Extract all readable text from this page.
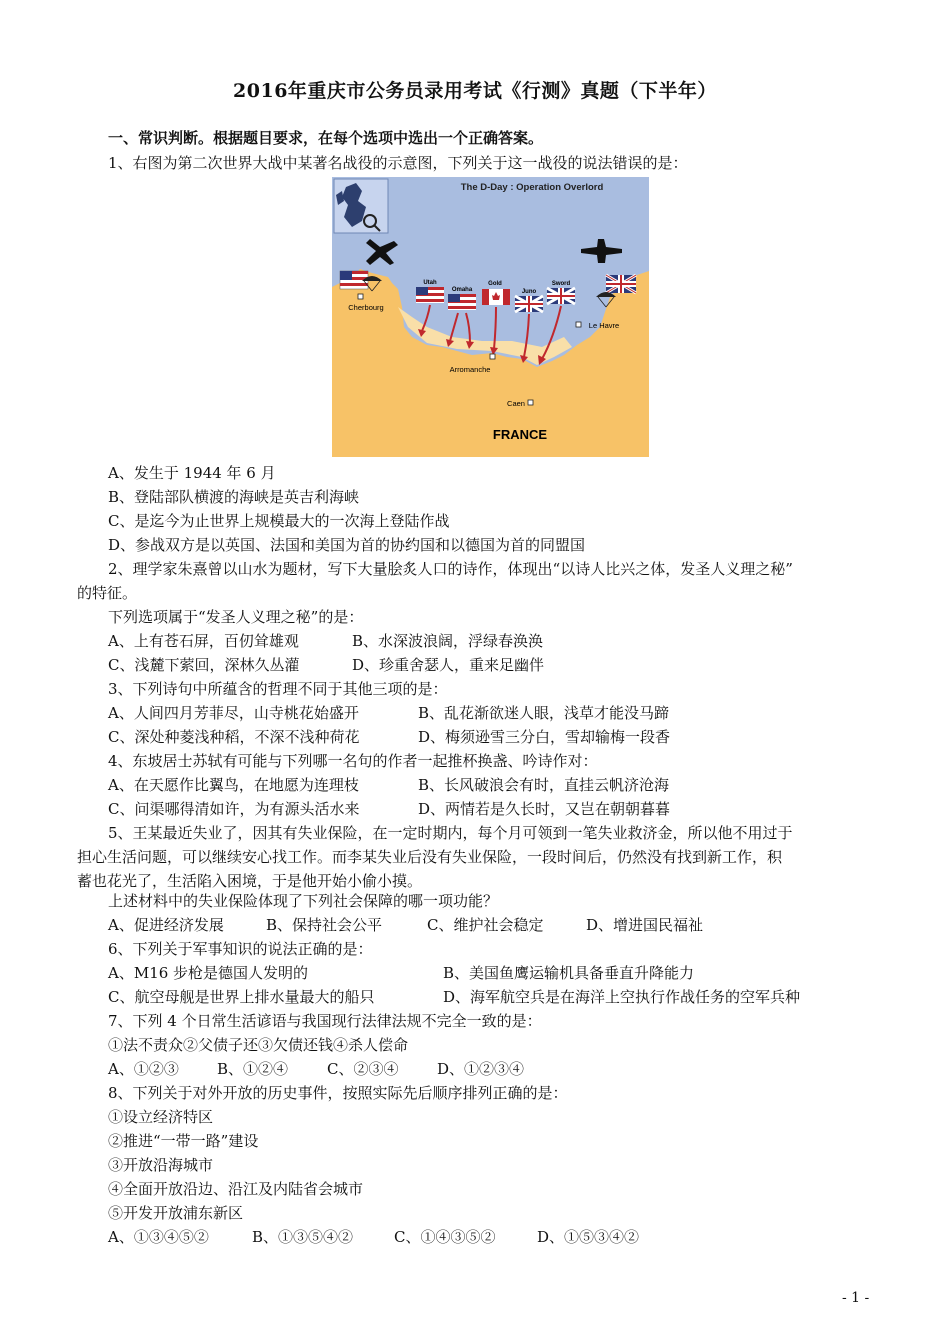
2016年重庆市公务员录用考试《行测》真题（下半年）
一、常识判断。根据题目要求，在每个选项中选出一个正确答案。
1、右图为第二次世界大战中某著名战役的示意图，下列关于这一战役的说法错误的是：
The D-Day : Operation Overlord
Utah
Omaha
Gold
Juno
Sword
Cherbourg
Le Havre
Arromanche
Caen
FRANCE
A、发生于 1944 年 6 月
B、登陆部队横渡的海峡是英吉利海峡
C、是迄今为止世界上规模最大的一次海上登陆作战
D、参战双方是以英国、法国和美国为首的协约国和以德国为首的同盟国
2、理学家朱熹曾以山水为题材，写下大量脍炙人口的诗作，体现出“以诗人比兴之体，发圣人义理之秘”
的特征。
下列选项属于“发圣人义理之秘”的是：
A、上有苍石屏，百仞耸雄观	B、水深波浪阔，浮绿春涣涣
C、浅麓下萦回，深林久丛灌	D、珍重舍瑟人，重来足幽伴
3、下列诗句中所蕴含的哲理不同于其他三项的是：
A、人间四月芳菲尽，山寺桃花始盛开	B、乱花渐欲迷人眼，浅草才能没马蹄
C、深处种菱浅种稻，不深不浅种荷花	D、梅须逊雪三分白，雪却输梅一段香
4、东坡居士苏轼有可能与下列哪一名句的作者一起推杯换盏、吟诗作对：
A、在天愿作比翼鸟，在地愿为连理枝	B、长风破浪会有时，直挂云帆济沧海
C、问渠哪得清如许，为有源头活水来	D、两情若是久长时，又岂在朝朝暮暮
5、王某最近失业了，因其有失业保险，在一定时期内，每个月可领到一笔失业救济金，所以他不用过于
担心生活问题，可以继续安心找工作。而李某失业后没有失业保险，一段时间后，仍然没有找到新工作，积
蓄也花光了，生活陷入困境，于是他开始小偷小摸。
上述材料中的失业保险体现了下列社会保障的哪一项功能？
A、促进经济发展	B、保持社会公平	C、维护社会稳定	D、增进国民福祉
6、下列关于军事知识的说法正确的是：
A、M16 步枪是德国人发明的	B、美国鱼鹰运输机具备垂直升降能力
C、航空母舰是世界上排水量最大的船只	D、海军航空兵是在海洋上空执行作战任务的空军兵种
7、下列 4 个日常生活谚语与我国现行法律法规不完全一致的是：
①法不责众②父债子还③欠债还钱④杀人偿命
A、①②③	B、①②④	C、②③④	D、①②③④
8、下列关于对外开放的历史事件，按照实际先后顺序排列正确的是：
①设立经济特区
②推进“一带一路”建设
③开放沿海城市
④全面开放沿边、沿江及内陆省会城市
⑤开发开放浦东新区
A、①③④⑤②	B、①③⑤④②	C、①④③⑤②	D、①⑤③④②
- 1 -
